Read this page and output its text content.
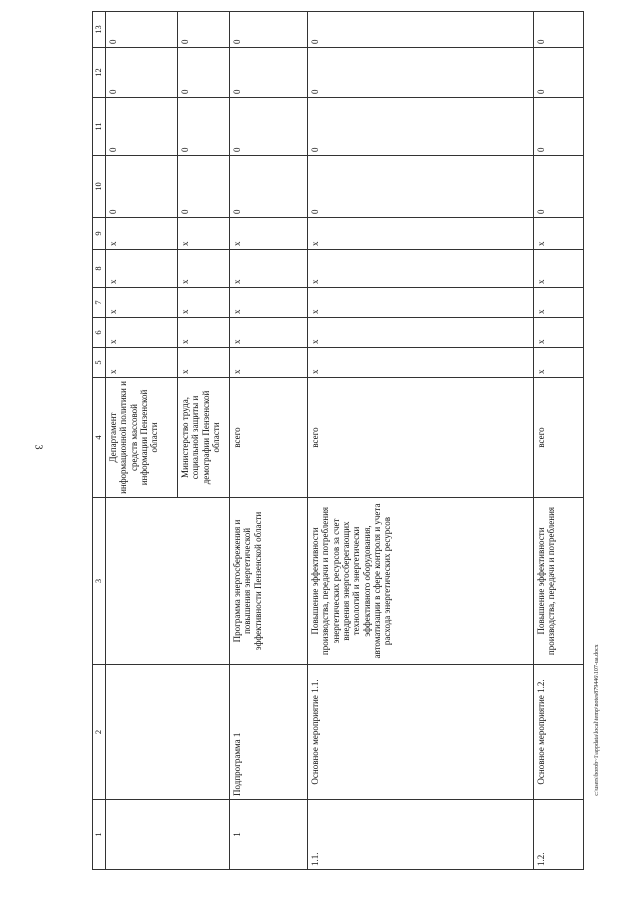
3
1	2	3	4	5	6	7	8	9	10	11	12	13
			Департамент информационной политики и средств массовой информации Пензенской области	x	x	x	x	x	0	0	0	0
			Министерство труда, социальной защиты и демографии Пензенской области	x	x	x	x	x	0	0	0	0
1	Подпрограмма 1	Программа энергосбережения и повышения энергетической эффективности Пензенской области	всего	x	x	x	x	x	0	0	0	0
1.1.	Основное мероприятие 1.1.	Повышение эффективности производства, передачи и потребления энергетических ресурсов за счет внедрения энергосберегающих технологий и энергетически эффективного оборудования, автоматизации в сфере контроля и учета расхода энергетических ресурсов	всего	x	x	x	x	x	0	0	0	0
1.2.	Основное мероприятие 1.2.	Повышение эффективности производства, передачи и потребления	всего	x	x	x	x	x	0	0	0	0
c:\users\borob~1\appdata\local\temp\notes879446\107-ua.docx
